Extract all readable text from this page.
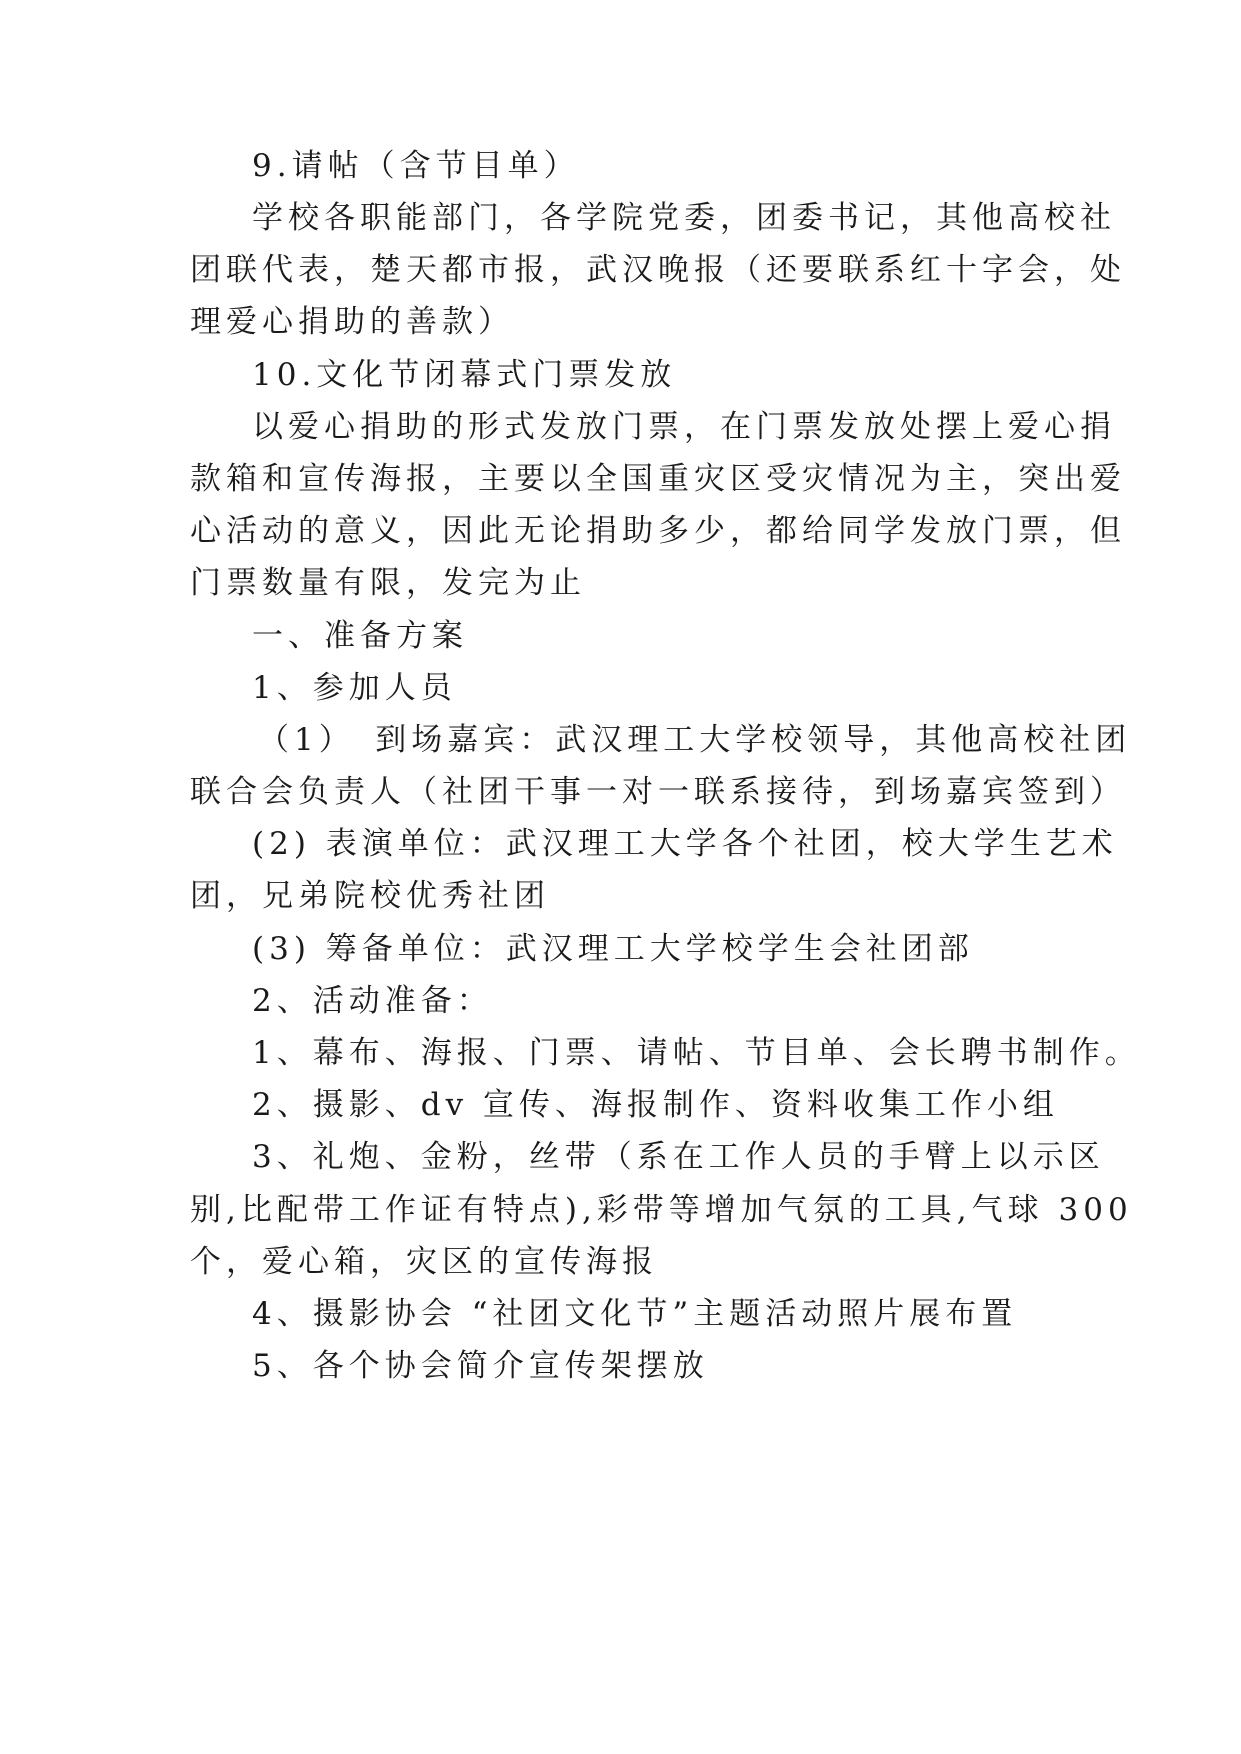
9.请帖（含节目单）
学校各职能部门，各学院党委，团委书记，其他高校社
团联代表，楚天都市报，武汉晚报（还要联系红十字会，处
理爱心捐助的善款）
10.文化节闭幕式门票发放
以爱心捐助的形式发放门票，在门票发放处摆上爱心捐
款箱和宣传海报，主要以全国重灾区受灾情况为主，突出爱
心活动的意义，因此无论捐助多少，都给同学发放门票，但
门票数量有限，发完为止
一、准备方案
1、参加人员
（1）　到场嘉宾：武汉理工大学校领导，其他高校社团
联合会负责人（社团干事一对一联系接待，到场嘉宾签到）
(2) 表演单位：武汉理工大学各个社团，校大学生艺术
团，兄弟院校优秀社团
(3) 筹备单位：武汉理工大学校学生会社团部
2、活动准备：
1、幕布、海报、门票、请帖、节目单、会长聘书制作。
2、摄影、dv 宣传、海报制作、资料收集工作小组
3、礼炮、金粉，丝带（系在工作人员的手臂上以示区
别,比配带工作证有特点),彩带等增加气氛的工具,气球 300
个，爱心箱，灾区的宣传海报
4、摄影协会 “社团文化节”主题活动照片展布置
5、各个协会简介宣传架摆放
